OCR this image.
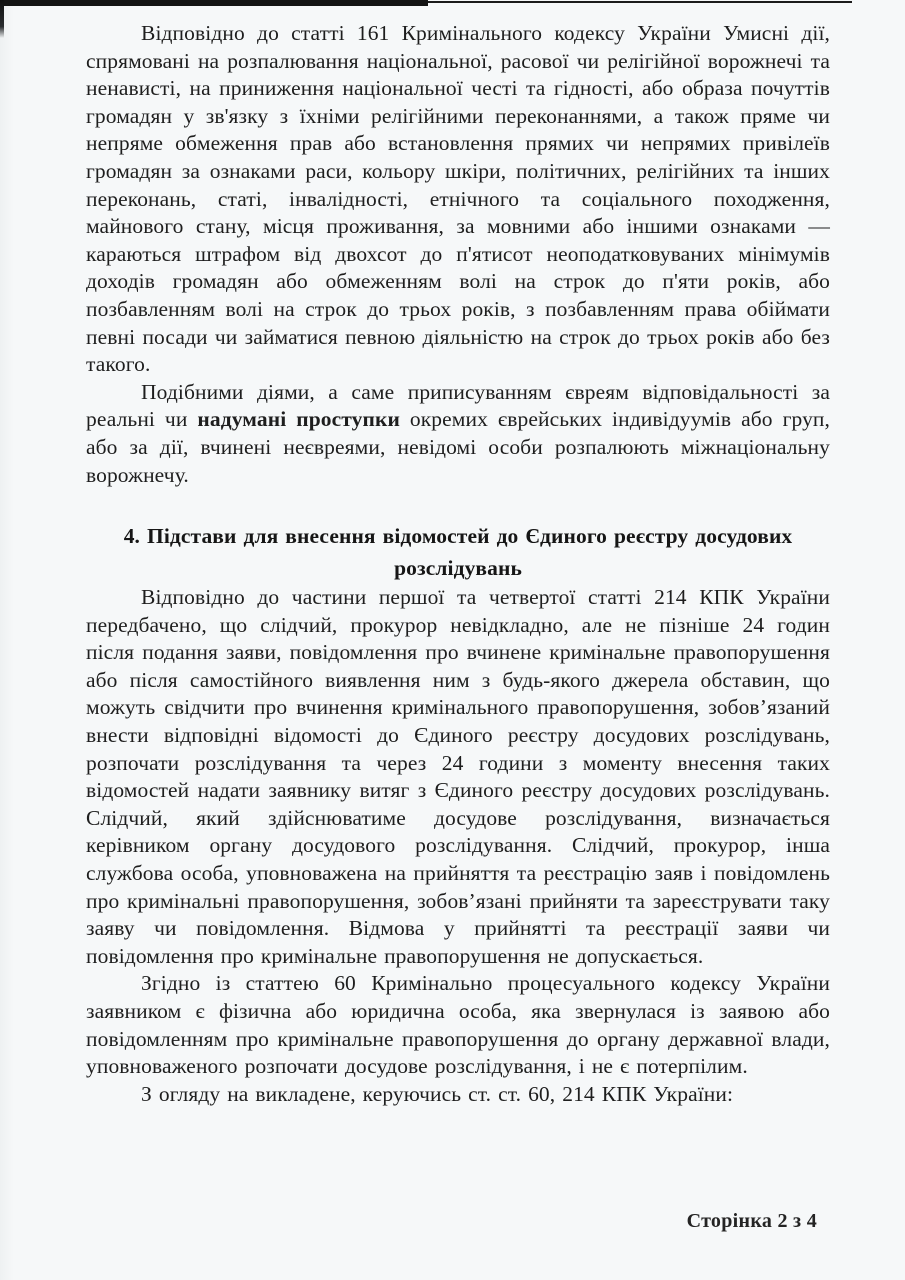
Відповідно до статті 161 Кримінального кодексу України Умисні дії, спрямовані на розпалювання національної, расової чи релігійної ворожнечі та ненависті, на приниження національної честі та гідності, або образа почуттів громадян у зв'язку з їхніми релігійними переконаннями, а також пряме чи непряме обмеження прав або встановлення прямих чи непрямих привілеїв громадян за ознаками раси, кольору шкіри, політичних, релігійних та інших переконань, статі, інвалідності, етнічного та соціального походження, майнового стану, місця проживання, за мовними або іншими ознаками — караються штрафом від двохсот до п'ятисот неоподатковуваних мінімумів доходів громадян або обмеженням волі на строк до п'яти років, або позбавленням волі на строк до трьох років, з позбавленням права обіймати певні посади чи займатися певною діяльністю на строк до трьох років або без такого.

Подібними діями, а саме приписуванням євреям відповідальності за реальні чи надумані проступки окремих єврейських індивідуумів або груп, або за дії, вчинені неєвреями, невідомі особи розпалюють міжнаціональну ворожнечу.

4. Підстави для внесення відомостей до Єдиного реєстру досудових розслідувань

Відповідно до частини першої та четвертої статті 214 КПК України передбачено, що слідчий, прокурор невідкладно, але не пізніше 24 годин після подання заяви, повідомлення про вчинене кримінальне правопорушення або після самостійного виявлення ним з будь-якого джерела обставин, що можуть свідчити про вчинення кримінального правопорушення, зобов’язаний внести відповідні відомості до Єдиного реєстру досудових розслідувань, розпочати розслідування та через 24 години з моменту внесення таких відомостей надати заявнику витяг з Єдиного реєстру досудових розслідувань. Слідчий, який здійснюватиме досудове розслідування, визначається керівником органу досудового розслідування. Слідчий, прокурор, інша службова особа, уповноважена на прийняття та реєстрацію заяв і повідомлень про кримінальні правопорушення, зобов’язані прийняти та зареєструвати таку заяву чи повідомлення. Відмова у прийнятті та реєстрації заяви чи повідомлення про кримінальне правопорушення не допускається.

Згідно із статтею 60 Кримінально процесуального кодексу України заявником є фізична або юридична особа, яка звернулася із заявою або повідомленням про кримінальне правопорушення до органу державної влади, уповноваженого розпочати досудове розслідування, і не є потерпілим.

З огляду на викладене, керуючись ст. ст. 60, 214 КПК України:

Сторінка 2 з 4
